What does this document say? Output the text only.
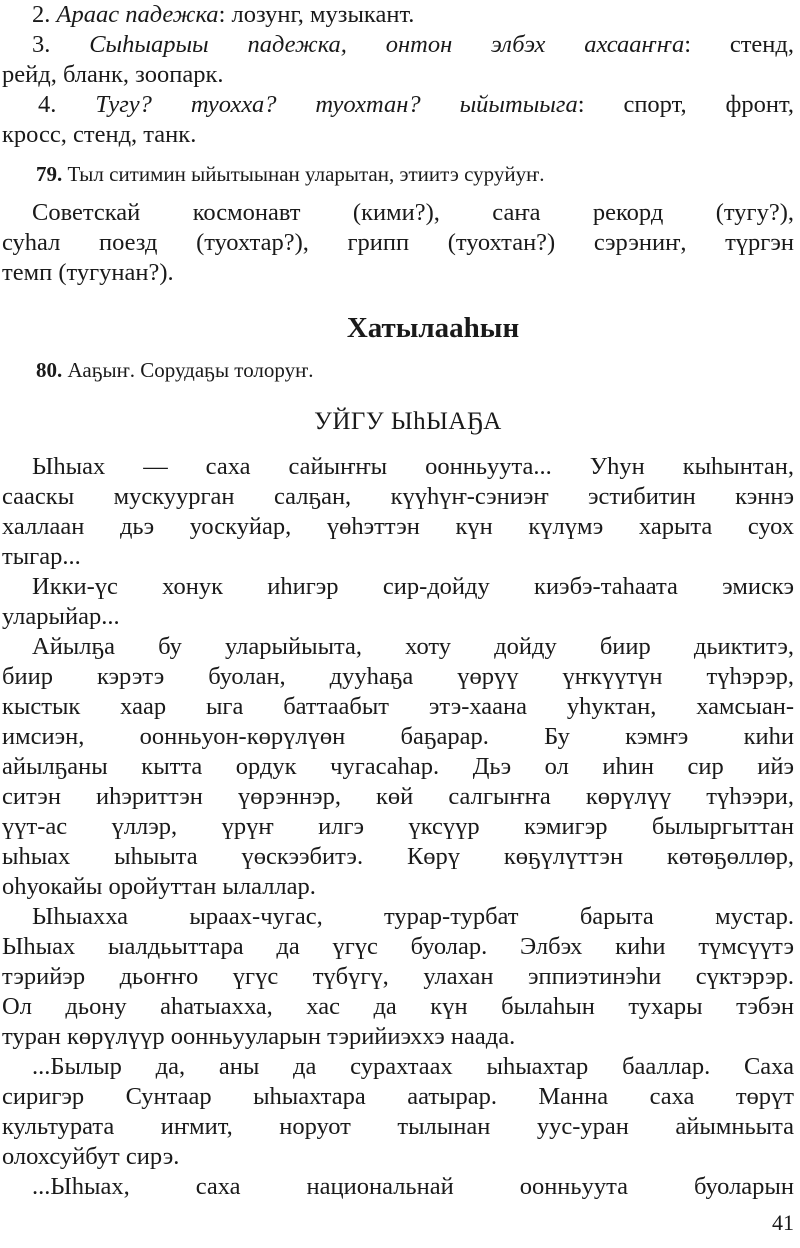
2. Араас падежка: лозунг, музыкант.
3. Сыhыарыы падежка, онтон элбэх ахсааҥҥа: стенд,
рейд, бланк, зоопарк.
4. Тугу? туохха? туохтан? ыйытыыга: спорт, фронт,
кросс, стенд, танк.
79. Тыл ситимин ыйытыынан уларытан, этиитэ суруйуҥ.
Советскай космонавт (кими?), саҥа рекорд (тугу?),
суhал поезд (туохтар?), грипп (туохтан?) сэрэниҥ, түргэн
темп (тугунан?).
Хатылааhын
80. Ааҕыҥ. Сорудаҕы толоруҥ.
УЙГУ ЫhЫАҔА
Ыhыах — саха сайыҥҥы оонньуута... Уhун кыhынтан,
сааскы мускуурган салҕан, күүhүҥ-сэниэҥ эстибитин кэннэ
халлаан дьэ уоскуйар, үөhэттэн күн күлүмэ харыта суох
тыгар...
Икки-үс хонук иhигэр сир-дойду киэбэ-таhаата эмискэ
уларыйар...
Айылҕа бу уларыйыыта, хоту дойду биир дьиктитэ,
биир кэрэтэ буолан, дууhаҕа үөрүү үҥкүүтүн түhэрэр,
кыстык хаар ыга баттаабыт этэ-хаана уhуктан, хамсыан-
имсиэн, оонньуон-көрүлүөн баҕарар. Бу кэмҥэ киhи
айылҕаны кытта ордук чугасаhар. Дьэ ол иhин сир ийэ
ситэн иhэриттэн үөрэннэр, көй салгыҥҥа көрүлүү түhээри,
үүт-ас үллэр, үрүҥ илгэ үксүүр кэмигэр былыргыттан
ыhыах ыhыыта үөскээбитэ. Көрү көҕүлүттэн көтөҕөллөр,
оhуокайы оройуттан ылаллар.
Ыhыахха ыраах-чугас, турар-турбат барыта мустар.
Ыhыах ыалдьыттара да үгүс буолар. Элбэх киhи түмсүүтэ
тэрийэр дьоҥҥо үгүс түбүгү, улахан эппиэтинэhи сүктэрэр.
Ол дьону аhатыахха, хас да күн былаhын тухары тэбэн
туран көрүлүүр оонньууларын тэрийиэххэ наада.
...Былыр да, аны да сурахтаах ыhыахтар бааллар. Саха
сиригэр Сунтаар ыhыахтара аатырар. Манна саха төрүт
культурата иҥмит, норуот тылынан уус-уран айымньыта
олохсуйбут сирэ.
...Ыhыах, саха национальнай оонньуута буоларын
41
